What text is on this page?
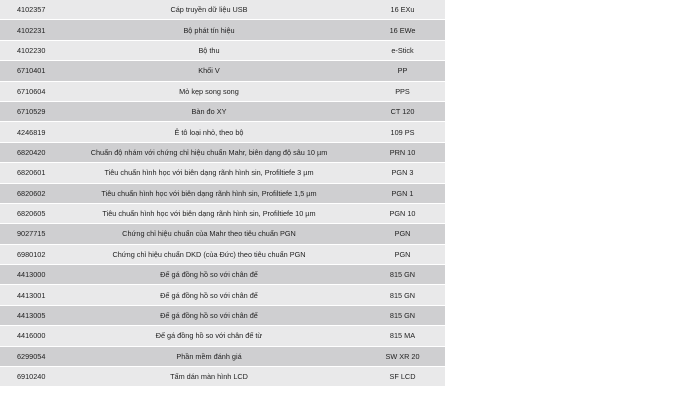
4102357	Cáp truyền dữ liệu USB	16 EXu
4102231	Bộ phát tín hiệu	16 EWe
4102230	Bộ thu	e-Stick
6710401	Khối V	PP
6710604	Mỏ kẹp song song	PPS
6710529	Bàn đo XY	CT 120
4246819	Ê tô loại nhỏ, theo bộ	109 PS
6820420	Chuẩn độ nhám với chứng chỉ hiệu chuẩn Mahr, biên dạng độ sâu 10 µm	PRN 10
6820601	Tiêu chuẩn hình học với biên dạng rãnh hình sin, Profiltiefe 3 µm	PGN 3
6820602	Tiêu chuẩn hình học với biên dạng rãnh hình sin, Profiltiefe 1,5 µm	PGN 1
6820605	Tiêu chuẩn hình học với biên dạng rãnh hình sin, Profiltiefe 10 µm	PGN 10
9027715	Chứng chỉ hiệu chuẩn của Mahr theo tiêu chuẩn PGN	PGN
6980102	Chứng chỉ hiệu chuẩn DKD (của Đức) theo tiêu chuẩn PGN	PGN
4413000	Đế gá đồng hồ so với chân đế	815 GN
4413001	Đế gá đồng hồ so với chân đế	815 GN
4413005	Đế gá đồng hồ so với chân đế	815 GN
4416000	Đế gá đồng hồ so với chân đế từ	815 MA
6299054	Phần mềm đánh giá	SW XR 20
6910240	Tấm dán màn hình LCD	SF LCD
